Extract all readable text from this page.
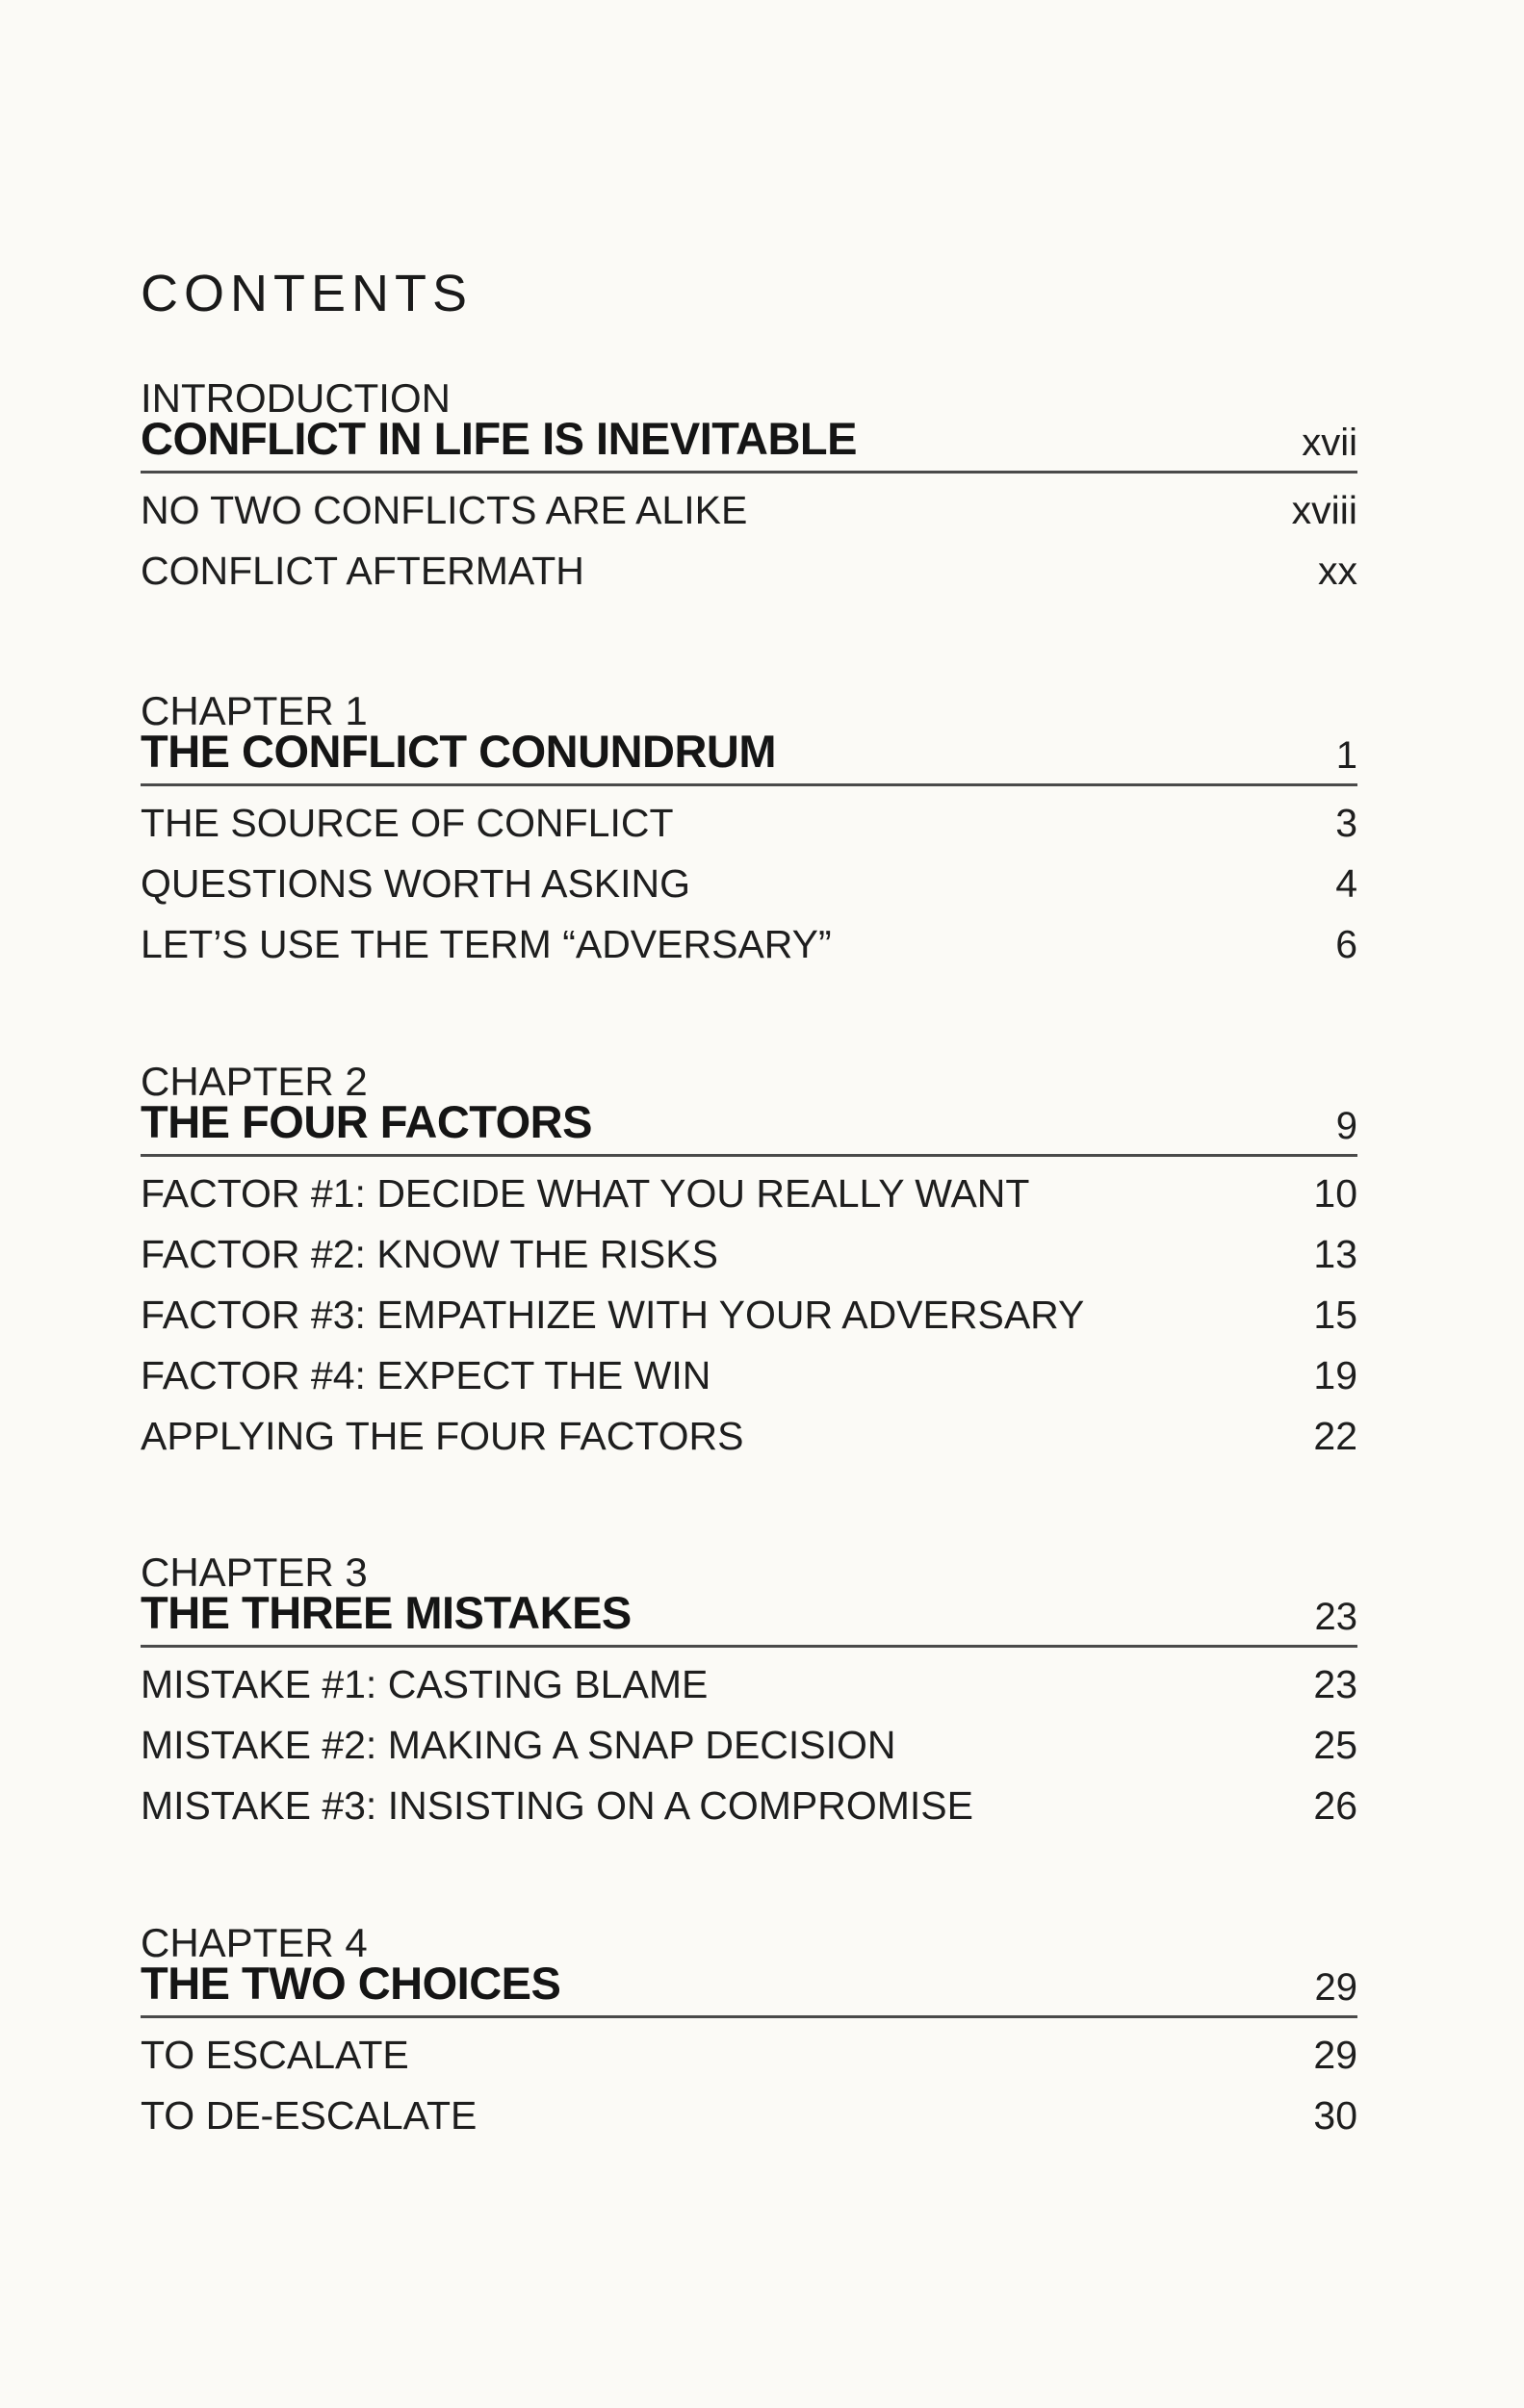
CONTENTS
INTRODUCTION
CONFLICT IN LIFE IS INEVITABLE	xvii
NO TWO CONFLICTS ARE ALIKE	xviii
CONFLICT AFTERMATH	xx
CHAPTER 1
THE CONFLICT CONUNDRUM	1
THE SOURCE OF CONFLICT	3
QUESTIONS WORTH ASKING	4
LET’S USE THE TERM “ADVERSARY”	6
CHAPTER 2
THE FOUR FACTORS	9
FACTOR #1: DECIDE WHAT YOU REALLY WANT	10
FACTOR #2: KNOW THE RISKS	13
FACTOR #3: EMPATHIZE WITH YOUR ADVERSARY	15
FACTOR #4: EXPECT THE WIN	19
APPLYING THE FOUR FACTORS	22
CHAPTER 3
THE THREE MISTAKES	23
MISTAKE #1: CASTING BLAME	23
MISTAKE #2: MAKING A SNAP DECISION	25
MISTAKE #3: INSISTING ON A COMPROMISE	26
CHAPTER 4
THE TWO CHOICES	29
TO ESCALATE	29
TO DE-ESCALATE	30
